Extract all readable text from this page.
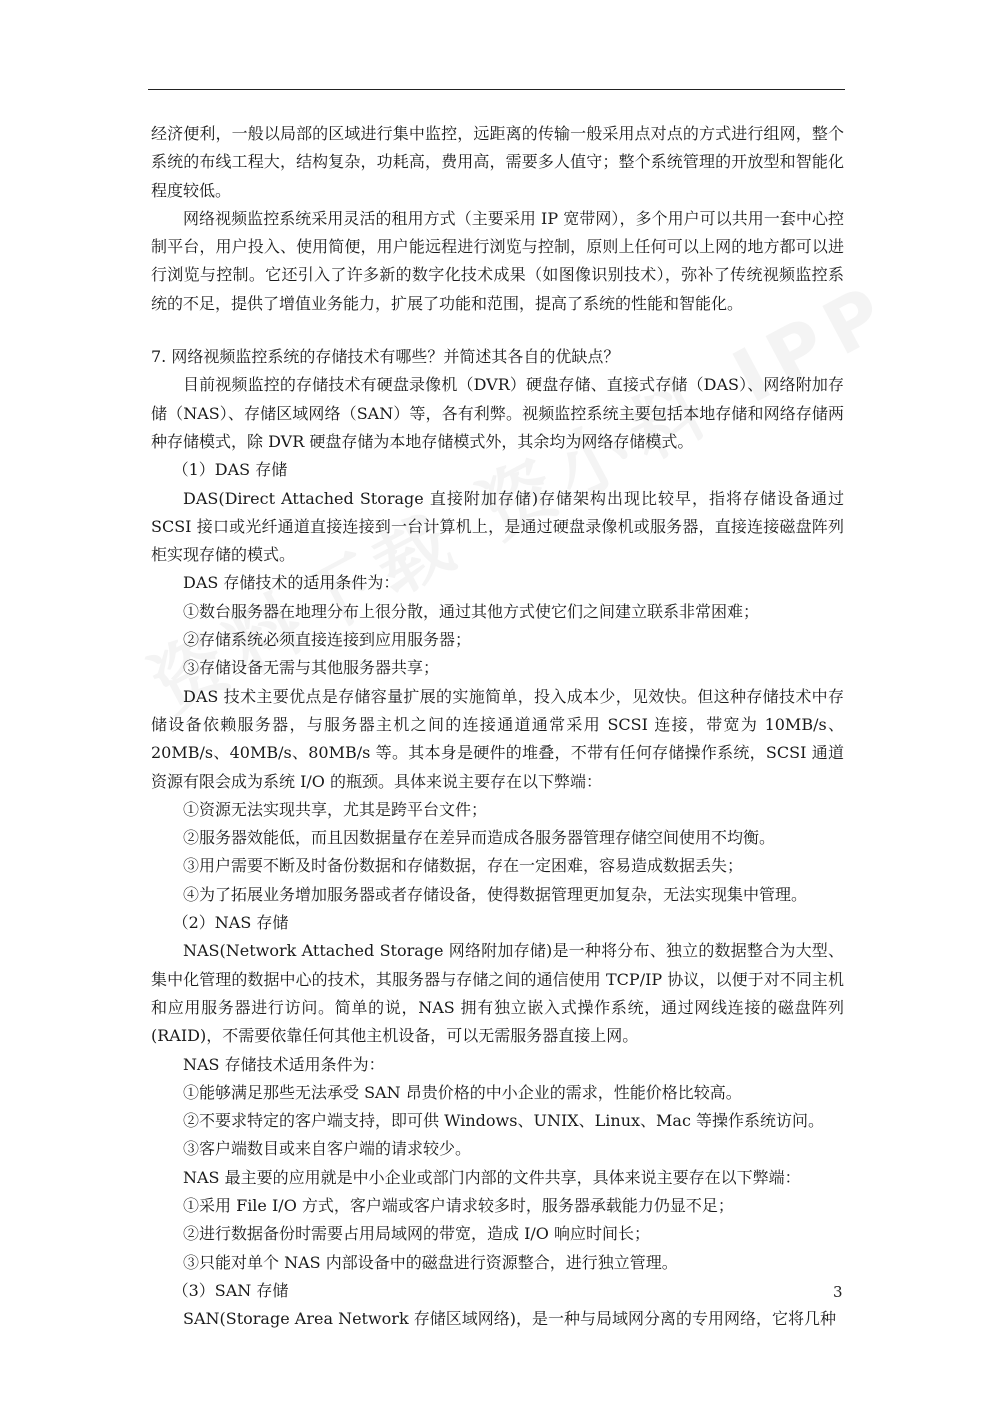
经济便利，一般以局部的区域进行集中监控，远距离的传输一般采用点对点的方式进行组网，整个系统的布线工程大，结构复杂，功耗高，费用高，需要多人值守；整个系统管理的开放型和智能化程度较低。

网络视频监控系统采用灵活的租用方式（主要采用 IP 宽带网），多个用户可以共用一套中心控制平台，用户投入、使用简便，用户能远程进行浏览与控制，原则上任何可以上网的地方都可以进行浏览与控制。它还引入了许多新的数字化技术成果（如图像识别技术），弥补了传统视频监控系统的不足，提供了增值业务能力，扩展了功能和范围，提高了系统的性能和智能化。

7. 网络视频监控系统的存储技术有哪些？并简述其各自的优缺点？

目前视频监控的存储技术有硬盘录像机（DVR）硬盘存储、直接式存储（DAS）、网络附加存储（NAS）、存储区域网络（SAN）等，各有利弊。视频监控系统主要包括本地存储和网络存储两种存储模式，除 DVR 硬盘存储为本地存储模式外，其余均为网络存储模式。

（1）DAS 存储

DAS(Direct Attached Storage 直接附加存储)存储架构出现比较早，指将存储设备通过 SCSI 接口或光纤通道直接连接到一台计算机上，是通过硬盘录像机或服务器，直接连接磁盘阵列柜实现存储的模式。

DAS 存储技术的适用条件为：

①数台服务器在地理分布上很分散，通过其他方式使它们之间建立联系非常困难；

②存储系统必须直接连接到应用服务器；

③存储设备无需与其他服务器共享；

DAS 技术主要优点是存储容量扩展的实施简单，投入成本少，见效快。但这种存储技术中存储设备依赖服务器，与服务器主机之间的连接通道通常采用 SCSI 连接，带宽为 10MB/s、20MB/s、40MB/s、80MB/s 等。其本身是硬件的堆叠，不带有任何存储操作系统，SCSI 通道资源有限会成为系统 I/O 的瓶颈。具体来说主要存在以下弊端：

①资源无法实现共享，尤其是跨平台文件；

②服务器效能低，而且因数据量存在差异而造成各服务器管理存储空间使用不均衡。

③用户需要不断及时备份数据和存储数据，存在一定困难，容易造成数据丢失；

④为了拓展业务增加服务器或者存储设备，使得数据管理更加复杂，无法实现集中管理。

（2）NAS 存储

NAS(Network Attached Storage 网络附加存储)是一种将分布、独立的数据整合为大型、集中化管理的数据中心的技术，其服务器与存储之间的通信使用 TCP/IP 协议，以便于对不同主机和应用服务器进行访问。简单的说，NAS 拥有独立嵌入式操作系统，通过网线连接的磁盘阵列(RAID)，不需要依靠任何其他主机设备，可以无需服务器直接上网。

NAS 存储技术适用条件为：

①能够满足那些无法承受 SAN 昂贵价格的中小企业的需求，性能价格比较高。

②不要求特定的客户端支持，即可供 Windows、UNIX、Linux、Mac 等操作系统访问。

③客户端数目或来自客户端的请求较少。

NAS 最主要的应用就是中小企业或部门内部的文件共享，具体来说主要存在以下弊端：

①采用 File I/O 方式，客户端或客户请求较多时，服务器承载能力仍显不足；

②进行数据备份时需要占用局域网的带宽，造成 I/O 响应时间长；

③只能对单个 NAS 内部设备中的磁盘进行资源整合，进行独立管理。

（3）SAN 存储

SAN(Storage Area Network 存储区域网络)，是一种与局域网分离的专用网络，它将几种

3
